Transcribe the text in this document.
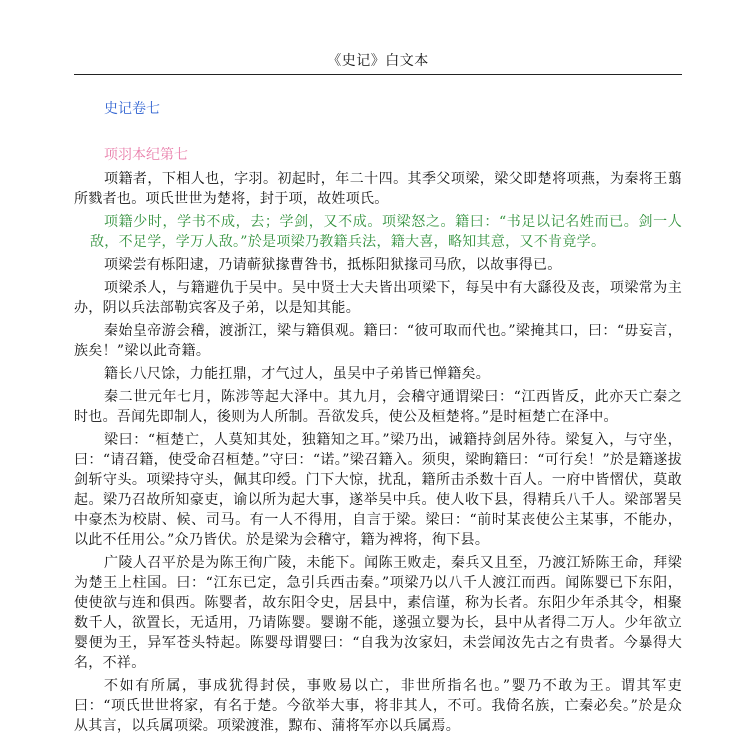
《史记》白文本
史记卷七
项羽本纪第七

项籍者，下相人也，字羽。初起时，年二十四。其季父项梁，梁父即楚将项燕，为秦将王翦所戮者也。项氏世世为楚将，封于项，故姓项氏。

项籍少时，学书不成，去；学剑，又不成。项梁怒之。籍曰：“书足以记名姓而已。剑一人敌，不足学，学万人敌。”於是项梁乃教籍兵法，籍大喜，略知其意，又不肯竟学。

项梁尝有栎阳逮，乃请蕲狱掾曹咎书，抵栎阳狱掾司马欣，以故事得已。

项梁杀人，与籍避仇于吴中。吴中贤士大夫皆出项梁下，每吴中有大繇役及丧，项梁常为主办，阴以兵法部勒宾客及子弟，以是知其能。

秦始皇帝游会稽，渡浙江，梁与籍俱观。籍曰：“彼可取而代也。”梁掩其口，曰：“毋妄言，族矣！”梁以此奇籍。

籍长八尺馀，力能扛鼎，才气过人，虽吴中子弟皆已惮籍矣。

秦二世元年七月，陈涉等起大泽中。其九月，会稽守通谓梁曰：“江西皆反，此亦天亡秦之时也。吾闻先即制人，後则为人所制。吾欲发兵，使公及桓楚将。”是时桓楚亡在泽中。

梁曰：“桓楚亡，人莫知其处，独籍知之耳。”梁乃出，诫籍持剑居外待。梁复入，与守坐，曰：“请召籍，使受命召桓楚。”守曰：“诺。”梁召籍入。须臾，梁眴籍曰：“可行矣！”於是籍遂拔剑斩守头。项梁持守头，佩其印绶。门下大惊，扰乱，籍所击杀数十百人。一府中皆慴伏，莫敢起。梁乃召故所知豪吏，谕以所为起大事，遂举吴中兵。使人收下县，得精兵八千人。梁部署吴中豪杰为校尉、候、司马。有一人不得用，自言于梁。梁曰：“前时某丧使公主某事，不能办，以此不任用公。”众乃皆伏。於是梁为会稽守，籍为裨将，徇下县。

广陵人召平於是为陈王徇广陵，未能下。闻陈王败走，秦兵又且至，乃渡江矫陈王命，拜梁为楚王上柱国。曰：“江东已定，急引兵西击秦。”项梁乃以八千人渡江而西。闻陈婴已下东阳，使使欲与连和俱西。陈婴者，故东阳令史，居县中，素信谨，称为长者。东阳少年杀其令，相聚数千人，欲置长，无适用，乃请陈婴。婴谢不能，遂强立婴为长，县中从者得二万人。少年欲立婴便为王，异军苍头特起。陈婴母谓婴曰：“自我为汝家妇，未尝闻汝先古之有贵者。今暴得大名，不祥。

不如有所属，事成犹得封侯，事败易以亡，非世所指名也。”婴乃不敢为王。谓其军吏曰：“项氏世世将家，有名于楚。今欲举大事，将非其人，不可。我倚名族，亡秦必矣。”於是众从其言，以兵属项梁。项梁渡淮，黥布、蒲将军亦以兵属焉。
